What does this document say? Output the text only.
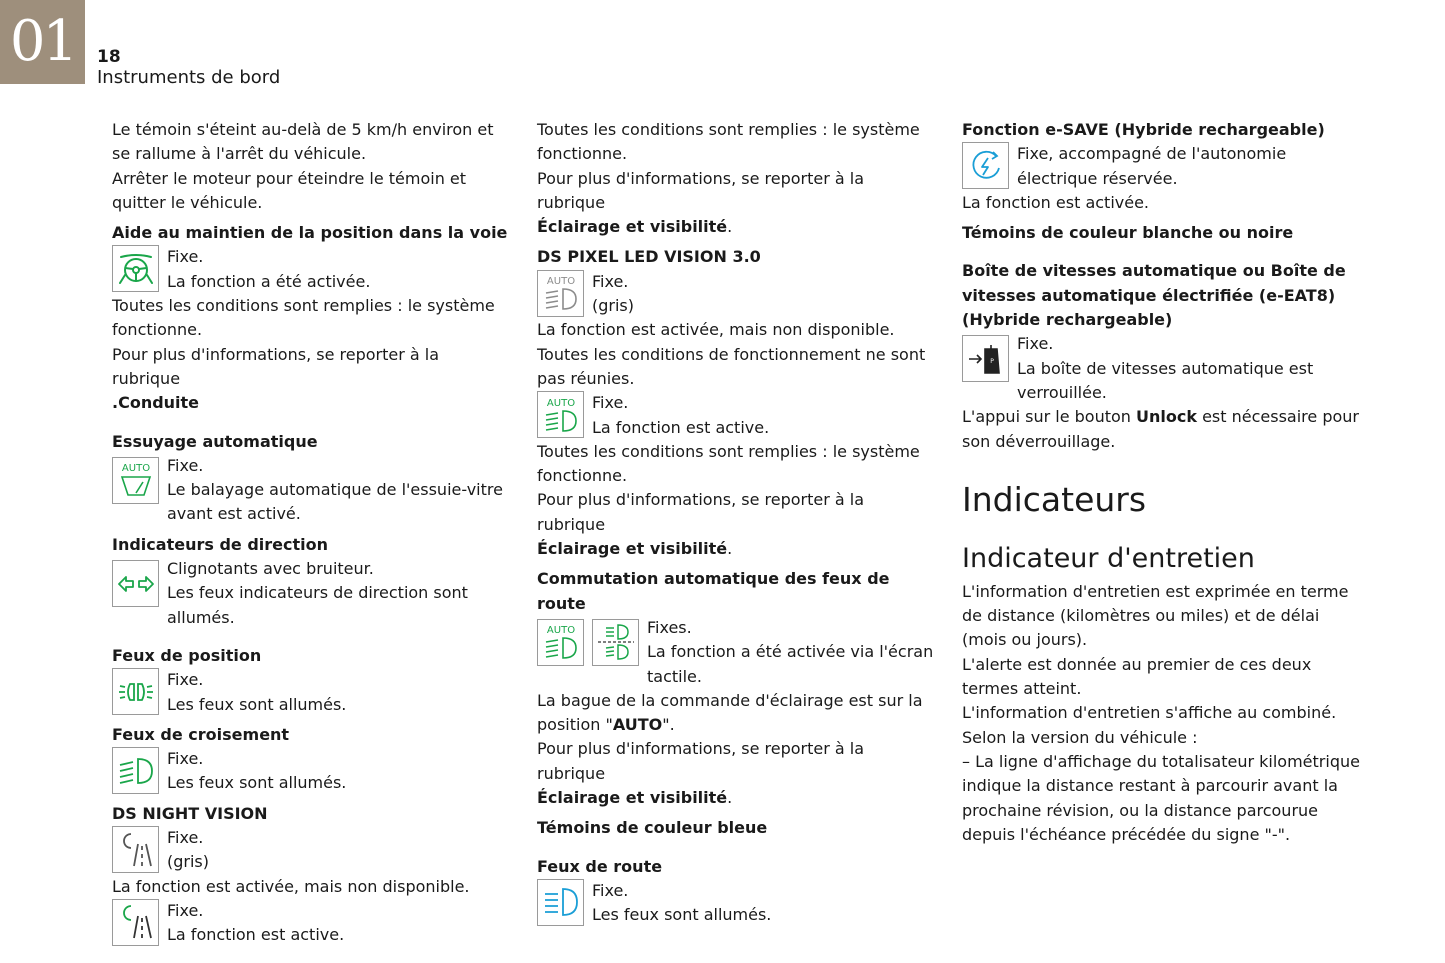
01	18
Instruments de bord

Le témoin s'éteint au-delà de 5 km/h environ et se rallume à l'arrêt du véhicule.

Arrêter le moteur pour éteindre le témoin et quitter le véhicule.

Aide au maintien de la position dans la voie

Fixe.

La fonction a été activée.

Toutes les conditions sont remplies : le système fonctionne.

Pour plus d'informations, se reporter à la rubrique
.Conduite

Essuyage automatique

AUTO	Fixe.

Le balayage automatique de l'essuie-vitre avant est activé.

Indicateurs de direction

Clignotants avec bruiteur.

Les feux indicateurs de direction sont allumés.

Feux de position

Fixe.

Les feux sont allumés.

Feux de croisement

Fixe.

Les feux sont allumés.

DS NIGHT VISION

Fixe.

(gris)

La fonction est activée, mais non disponible.

Fixe.

La fonction est active.

Toutes les conditions sont remplies : le système fonctionne.

Pour plus d'informations, se reporter à la rubrique
Éclairage et visibilité.

DS PIXEL LED VISION 3.0

AUTO Fixe.

(gris)

La fonction est activée, mais non disponible.

Toutes les conditions de fonctionnement ne sont pas réunies.

AUTO Fixe.

La fonction est active.

Toutes les conditions sont remplies : le système fonctionne.

Pour plus d'informations, se reporter à la rubrique
Éclairage et visibilité.

Commutation automatique des feux de route

AUTO	Fixes.

La fonction a été activée via l'écran tactile.

La bague de la commande d'éclairage est sur la position "AUTO".

Pour plus d'informations, se reporter à la rubrique
Éclairage et visibilité.

Témoins de couleur bleue

Feux de route

Fixe.

Les feux sont allumés.

Fonction e-SAVE (Hybride rechargeable)

Fixe, accompagné de l'autonomie électrique réservée.

La fonction est activée.

Témoins de couleur blanche ou noire

Boîte de vitesses automatique ou Boîte de vitesses automatique électrifiée (e-EAT8) (Hybride rechargeable)

P

Fixe.

La boîte de vitesses automatique est verrouillée.

L'appui sur le bouton Unlock est nécessaire pour son déverrouillage.

Indicateurs

Indicateur d'entretien

L'information d'entretien est exprimée en terme de distance (kilomètres ou miles) et de délai (mois ou jours).

L'alerte est donnée au premier de ces deux termes atteint.

L'information d'entretien s'affiche au combiné.

Selon la version du véhicule :

– La ligne d'affichage du totalisateur kilométrique indique la distance restant à parcourir avant la prochaine révision, ou la distance parcourue depuis l'échéance précédée du signe "-".
